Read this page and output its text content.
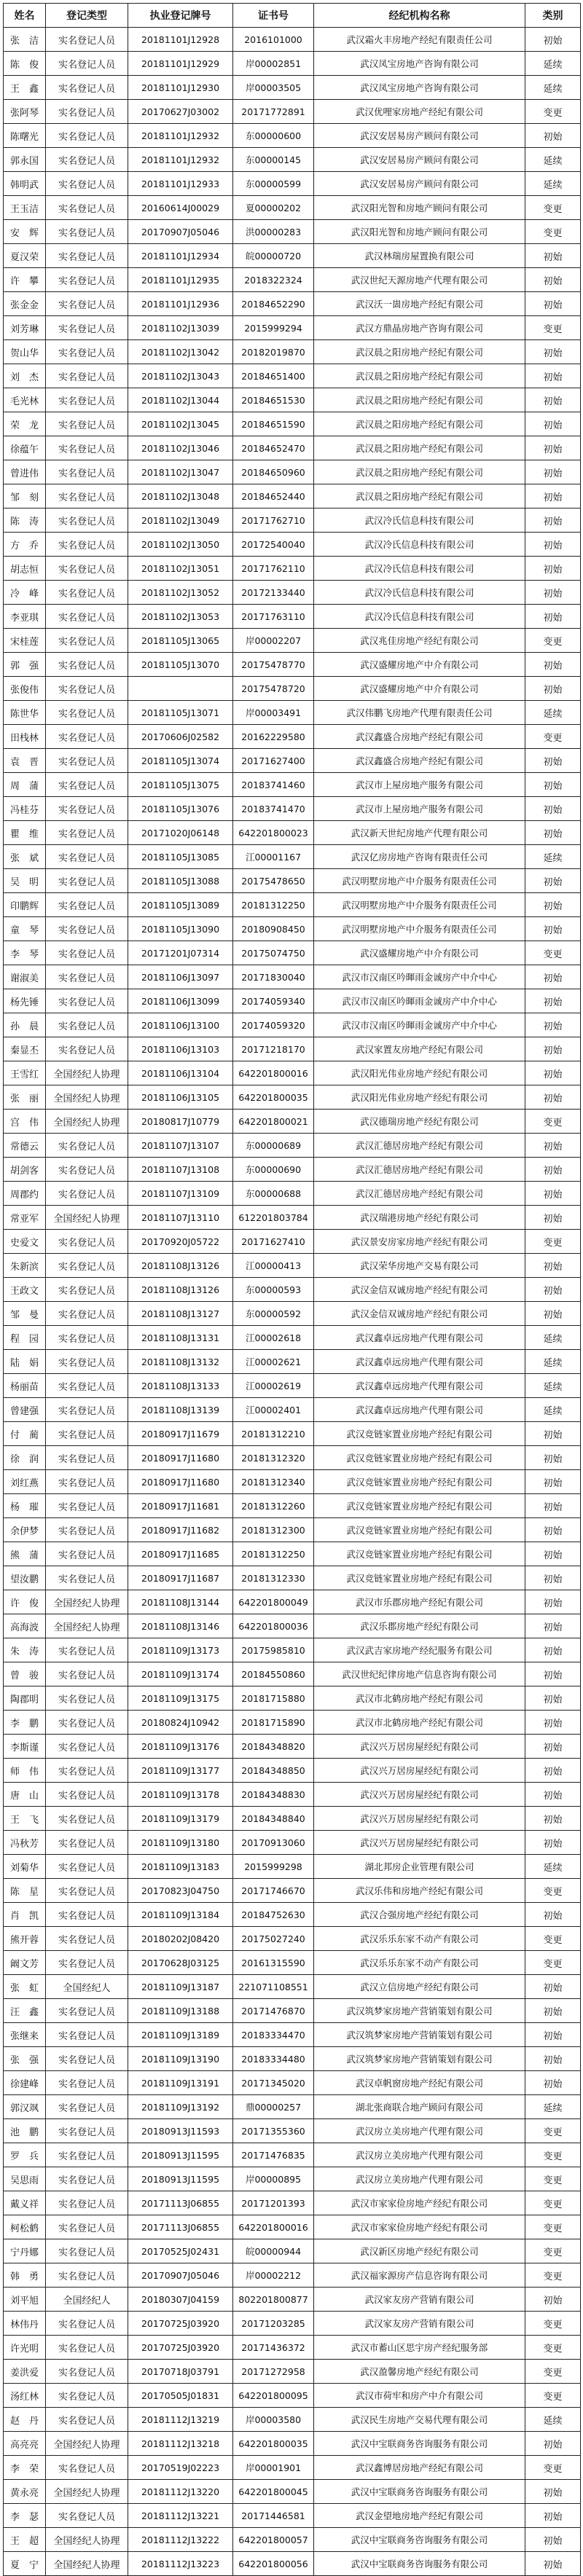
姓名	登记类型	执业登记牌号	证书号	经纪机构名称	类别
张　洁	实名登记人员	20181101J12928	2016101000	武汉霜火丰房地产经纪有限责任公司	初始
陈　俊	实名登记人员	20181101J12929	岸00002851	武汉凤宝房地产咨询有限公司	延续
王　鑫	实名登记人员	20181101J12930	岸00003505	武汉凤宝房地产咨询有限公司	延续
张阿琴	实名登记人员	20170627J03002	20171772891	武汉优哩家房地产经纪有限公司	变更
陈曙光	实名登记人员	20181101J12932	东00000600	武汉安居易房产顾问有限公司	初始
郭永国	实名登记人员	20181101J12932	东00000145	武汉安居易房产顾问有限公司	延续
韩明武	实名登记人员	20181101J12933	东00000599	武汉安居易房产顾问有限公司	延续
王玉洁	实名登记人员	20160614J00029	夏00000202	武汉阳光智和房地产顾问有限公司	变更
安　辉	实名登记人员	20170907J05046	洪00000283	武汉阳光智和房地产顾问有限公司	变更
夏汉荣	实名登记人员	20181101J12934	皖00000720	武汉林瑞房屋置换有限公司	初始
许　攀	实名登记人员	20181101J12935	2018322324	武汉世纪天源房地产代理有限公司	初始
张金金	实名登记人员	20181101J12936	20184652290	武汉沃一崮房地产经纪有限公司	初始
刘芳琳	实名登记人员	20181102J13039	2015999294	武汉方鼎晶房地产咨询有限公司	变更
贺山华	实名登记人员	20181102J13042	20182019870	武汉晨之阳房地产经纪有限公司	初始
刘　杰	实名登记人员	20181102J13043	20184651400	武汉晨之阳房地产经纪有限公司	初始
毛光林	实名登记人员	20181102J13044	20184651530	武汉晨之阳房地产经纪有限公司	初始
荣　龙	实名登记人员	20181102J13045	20184651590	武汉晨之阳房地产经纪有限公司	初始
徐蕴午	实名登记人员	20181102J13046	20184652470	武汉晨之阳房地产经纪有限公司	初始
曾进伟	实名登记人员	20181102J13047	20184650960	武汉晨之阳房地产经纪有限公司	初始
邹　刻	实名登记人员	20181102J13048	20184652440	武汉晨之阳房地产经纪有限公司	初始
陈　涛	实名登记人员	20181102J13049	20171762710	武汉冷氏信息科技有限公司	初始
方　乔	实名登记人员	20181102J13050	20172540040	武汉冷氏信息科技有限公司	初始
胡志恒	实名登记人员	20181102J13051	20171762110	武汉冷氏信息科技有限公司	初始
冷　峰	实名登记人员	20181102J13052	20172133440	武汉冷氏信息科技有限公司	初始
李亚琪	实名登记人员	20181102J13053	20171763110	武汉冷氏信息科技有限公司	初始
宋桂莲	实名登记人员	20181105J13065	岸00002207	武汉兆佳房地产经纪有限公司	变更
郭　强	实名登记人员	20181105J13070	20175478770	武汉盛耀房地产中介有限公司	初始
张俊伟	实名登记人员		20175478720	武汉盛耀房地产中介有限公司	初始
陈世华	实名登记人员	20181105J13071	岸00003491	武汉伟鹏飞房地产代理有限责任公司	延续
田栈林	实名登记人员	20170606J02582	20162229580	武汉鑫盛合房地产经纪有限公司	变更
袁　晋	实名登记人员	20181105J13074	20171627400	武汉鑫盛合房地产经纪有限公司	初始
周　蒲	实名登记人员	20181105J13075	20183741460	武汉市上屋房地产服务有限公司	初始
冯桂芬	实名登记人员	20181105J13076	20183741470	武汉市上屋房地产服务有限公司	初始
瞿　维	实名登记人员	20171020J06148	642201800023	武汉新天世纪房地产代理有限公司	初始
张　斌	实名登记人员	20181105J13085	江00001167	武汉亿房房地产咨询有限责任公司	延续
吴　明	实名登记人员	20181105J13088	20175478650	武汉明墅房地产中介服务有限责任公司	初始
印鹏辉	实名登记人员	20181105J13089	20181312250	武汉明墅房地产中介服务有限责任公司	初始
童　琴	实名登记人员	20181105J13090	20180908450	武汉明墅房地产中介服务有限责任公司	初始
李　琴	实名登记人员	20171201J07314	20175074750	武汉盛耀房地产中介有限公司	变更
谢淑美	实名登记人员	20181106J13097	20171830040	武汉市汉南区吟暉雨金诚房产中介中心	初始
杨先锤	实名登记人员	20181106J13099	20174059340	武汉市汉南区吟暉雨金诚房产中介中心	初始
孙　晨	实名登记人员	20181106J13100	20174059320	武汉市汉南区吟暉雨金诚房产中介中心	初始
秦显丕	实名登记人员	20181106J13103	20171218170	武汉家置友房地产经纪有限公司	初始
王雪红	全国经纪人协理	20181106J13104	642201800016	武汉阳光伟业房地产经纪有限公司	初始
张　丽	全国经纪人协理	20181106J13105	642201800035	武汉阳光伟业房地产经纪有限公司	初始
宫　伟	全国经纪人协理	20180817J10779	642201800021	武汉德瑞房地产经纪有限公司	变更
常德云	实名登记人员	20181107J13107	东00000689	武汉汇德居房地产经纪有限公司	初始
胡剑客	实名登记人员	20181107J13108	东00000690	武汉汇德居房地产经纪有限公司	初始
周郡约	实名登记人员	20181107J13109	东00000688	武汉汇德居房地产经纪有限公司	初始
常亚军	全国经纪人协理	20181107J13110	612201803784	武汉瑞港房地产经纪有限公司	初始
史爱文	实名登记人员	20170920J05722	20171627410	武汉景安房家房地产经纪有限公司	变更
朱新滨	实名登记人员	20181108J13126	江00000413	武汉荣华房地产交易有限公司	初始
王政文	实名登记人员	20181108J13126	东00000593	武汉金信双诚房地产经纪有限公司	初始
邹　曼	实名登记人员	20181108J13127	东00000592	武汉金信双诚房地产经纪有限公司	初始
程　园	实名登记人员	20181108J13131	江00002618	武汉鑫卓远房地产代理有限公司	延续
陆　娟	实名登记人员	20181108J13132	江00002621	武汉鑫卓远房地产代理有限公司	延续
杨丽苗	实名登记人员	20181108J13133	江00002619	武汉鑫卓远房地产代理有限公司	延续
曾建强	实名登记人员	20181108J13139	江00002401	武汉鑫卓远房地产代理有限公司	延续
付　蔺	实名登记人员	20180917J11679	20181312210	武汉竞链家置业房地产经纪有限公司	初始
徐　润	实名登记人员	20180917J11680	20181312320	武汉竞链家置业房地产经纪有限公司	初始
刘红燕	实名登记人员	20180917J11680	20181312340	武汉竞链家置业房地产经纪有限公司	初始
杨　璀	实名登记人员	20180917J11681	20181312260	武汉竞链家置业房地产经纪有限公司	初始
余伊梦	实名登记人员	20180917J11682	20181312300	武汉竞链家置业房地产经纪有限公司	初始
熊　蒲	实名登记人员	20180917J11685	20181312250	武汉竞链家置业房地产经纪有限公司	初始
望汝鹏	实名登记人员	20180917J11687	20181312330	武汉竞链家置业房地产经纪有限公司	初始
许　俊	全国经纪人协理	20181108J13144	642201800049	武汉市乐郡房地产经纪有限公司	初始
高海波	全国经纪人协理	20181108J13146	642201800036	武汉乐郡房地产经纪有限公司	初始
朱　涛	实名登记人员	20181109J13173	20175985810	武汉武吉家房地产经纪服务有限公司	初始
曾　骏	实名登记人员	20181109J13174	20184550860	武汉世纪纪律房地产信息咨询有限公司	初始
陶郡明	实名登记人员	20181109J13175	20181715880	武汉市北鹤房地产经纪有限公司	初始
李　鹏	实名登记人员	20180824J10942	20181715890	武汉市北鹤房地产经纪有限公司	初始
李斯谨	实名登记人员	20181109J13176	20184348820	武汉兴万居房屋经纪有限公司	初始
师　伟	实名登记人员	20181109J13177	20184348850	武汉兴万居房屋经纪有限公司	初始
唐　山	实名登记人员	20181109J13178	20184348830	武汉兴万居房屋经纪有限公司	初始
王　飞	实名登记人员	20181109J13179	20184348840	武汉兴万居房屋经纪有限公司	初始
冯秋芳	实名登记人员	20181109J13180	20170913060	武汉兴万居房屋经纪有限公司	初始
刘菊华	实名登记人员	20181109J13183	2015999298	湖北邦房企业管理有限公司	延续
陈　星	实名登记人员	20170823J04750	20171746670	武汉乐伟和房地产经纪有限公司	变更
肖　凯	实名登记人员	20181109J13184	20184752630	武汉合强房地产经纪有限公司	初始
熊开蓉	实名登记人员	20180202J08420	20175027240	武汉乐乐东家不动产有限公司	变更
阚文芳	实名登记人员	20170628J03125	20161315590	武汉乐乐东家不动产有限公司	变更
张　虹	全国经纪人	20181109J13187	221071108551	武汉立信房地产经纪有限公司	初始
汪　鑫	实名登记人员	20181109J13188	20171476870	武汉筑梦家房地产营销策划有限公司	初始
张继来	实名登记人员	20181109J13189	20183334470	武汉筑梦家房地产营销策划有限公司	初始
张　强	实名登记人员	20181109J13190	20183334480	武汉筑梦家房地产营销策划有限公司	初始
徐建峰	实名登记人员	20181109J13191	20171345020	武汉卓帆窗房地产经纪有限公司	初始
郭汉飒	实名登记人员	20181109J13192	鼎00000257	湖北张商联合地产顾问有限公司	延续
池　鹏	实名登记人员	20180913J11593	20171355360	武汉房立美房地产代理有限公司	变更
罗　兵	实名登记人员	20180913J11595	20171476835	武汉房立美房地产代理有限公司	变更
吴思雨	实名登记人员	20180913J11595	岸00000895	武汉房立美房地产代理有限公司	变更
戴义祥	实名登记人员	20171113J06855	20171201393	武汉市家家俭房地产经纪有限公司	变更
柯松鹤	实名登记人员	20171113J06855	642201800016	武汉市家家俭房地产经纪有限公司	变更
宁丹娜	实名登记人员	20170525J02431	皖00000944	武汉新区房地产经纪有限公司	变更
韩　勇	实名登记人员	20170907J05046	岸00002212	武汉福家源房产信息咨询有限公司	变更
刘平旭	全国经纪人	20180307J04159	802201800877	武汉家友房产营销有限公司	初始
林伟丹	实名登记人员	20170725J03920	20171203285	武汉家友房产营销有限公司	变更
许光明	实名登记人员	20170725J03920	20171436372	武汉市蓄山区思宇房产经纪服务部	变更
姜洪爱	实名登记人员	20170718J03791	20171272958	武汉盈馨房地产经纪有限公司	变更
汤红林	实名登记人员	20170505J01831	642201800095	武汉市荷牢和房产中介有限公司	变更
赵　丹	实名登记人员	20181112J13219	岸00003580	武汉民生房地产交易代理有限公司	延续
高亮亮	全国经纪人协理	20181112J13218	642201800035	武汉中宝联商务咨询服务有限公司	初始
李　荣	实名登记人员	20170519J02223	岸00001901	武汉鑫博居房地产经纪有限公司	变更
黄永亮	全国经纪人协理	20181112J13220	642201800045	武汉中宝联商务咨询服务有限公司	初始
李　瑟	实名登记人员	20181112J13221	20171446581	武汉金望地房地产经纪有限公司	初始
王　超	全国经纪人协理	20181112J13222	642201800057	武汉中宝联商务咨询服务有限公司	初始
夏　宁	全国经纪人协理	20181112J13223	642201800056	武汉中宝联商务咨询服务有限公司	初始
